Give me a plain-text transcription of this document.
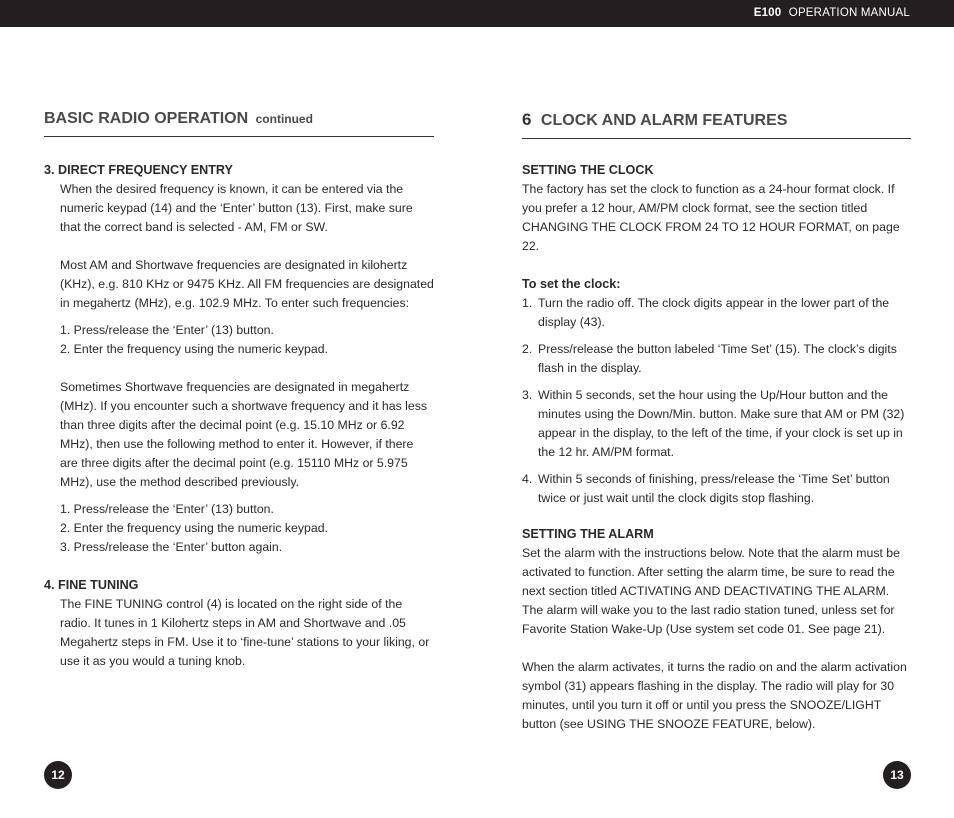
E100 OPERATION MANUAL
BASIC RADIO OPERATION continued
3. DIRECT FREQUENCY ENTRY

When the desired frequency is known, it can be entered via the numeric keypad (14) and the ‘Enter’ button (13). First, make sure that the correct band is selected - AM, FM or SW.

Most AM and Shortwave frequencies are designated in kilohertz (KHz), e.g. 810 KHz or 9475 KHz. All FM frequencies are designated in megahertz (MHz), e.g. 102.9 MHz. To enter such frequencies:

1. Press/release the ‘Enter’ (13) button.

2. Enter the frequency using the numeric keypad.

Sometimes Shortwave frequencies are designated in megahertz (MHz). If you encounter such a shortwave frequency and it has less than three digits after the decimal point (e.g. 15.10 MHz or 6.92 MHz), then use the following method to enter it. However, if there are three digits after the decimal point (e.g. 15110 MHz or 5.975 MHz), use the method described previously.

1. Press/release the ‘Enter’ (13) button.

2. Enter the frequency using the numeric keypad.

3. Press/release the ‘Enter’ button again.

4. FINE TUNING

The FINE TUNING control (4) is located on the right side of the radio. It tunes in 1 Kilohertz steps in AM and Shortwave and .05 Megahertz steps in FM. Use it to ‘fine-tune’ stations to your liking, or use it as you would a tuning knob.

12
6 CLOCK AND ALARM FEATURES
SETTING THE CLOCK

The factory has set the clock to function as a 24-hour format clock. If you prefer a 12 hour, AM/PM clock format, see the section titled CHANGING THE CLOCK FROM 24 TO 12 HOUR FORMAT, on page 22.

To set the clock:
1. Turn the radio off. The clock digits appear in the lower part of the display (43).
2. Press/release the button labeled ‘Time Set’ (15). The clock’s digits flash in the display.
3. Within 5 seconds, set the hour using the Up/Hour button and the minutes using the Down/Min. button. Make sure that AM or PM (32) appear in the display, to the left of the time, if your clock is set up in the 12 hr. AM/PM format.
4. Within 5 seconds of finishing, press/release the ‘Time Set’ button twice or just wait until the clock digits stop flashing.
SETTING THE ALARM

Set the alarm with the instructions below. Note that the alarm must be activated to function. After setting the alarm time, be sure to read the next section titled ACTIVATING AND DEACTIVATING THE ALARM. The alarm will wake you to the last radio station tuned, unless set for Favorite Station Wake-Up (Use system set code 01. See page 21).

When the alarm activates, it turns the radio on and the alarm activation symbol (31) appears flashing in the display. The radio will play for 30 minutes, until you turn it off or until you press the SNOOZE/LIGHT button (see USING THE SNOOZE FEATURE, below).

13
